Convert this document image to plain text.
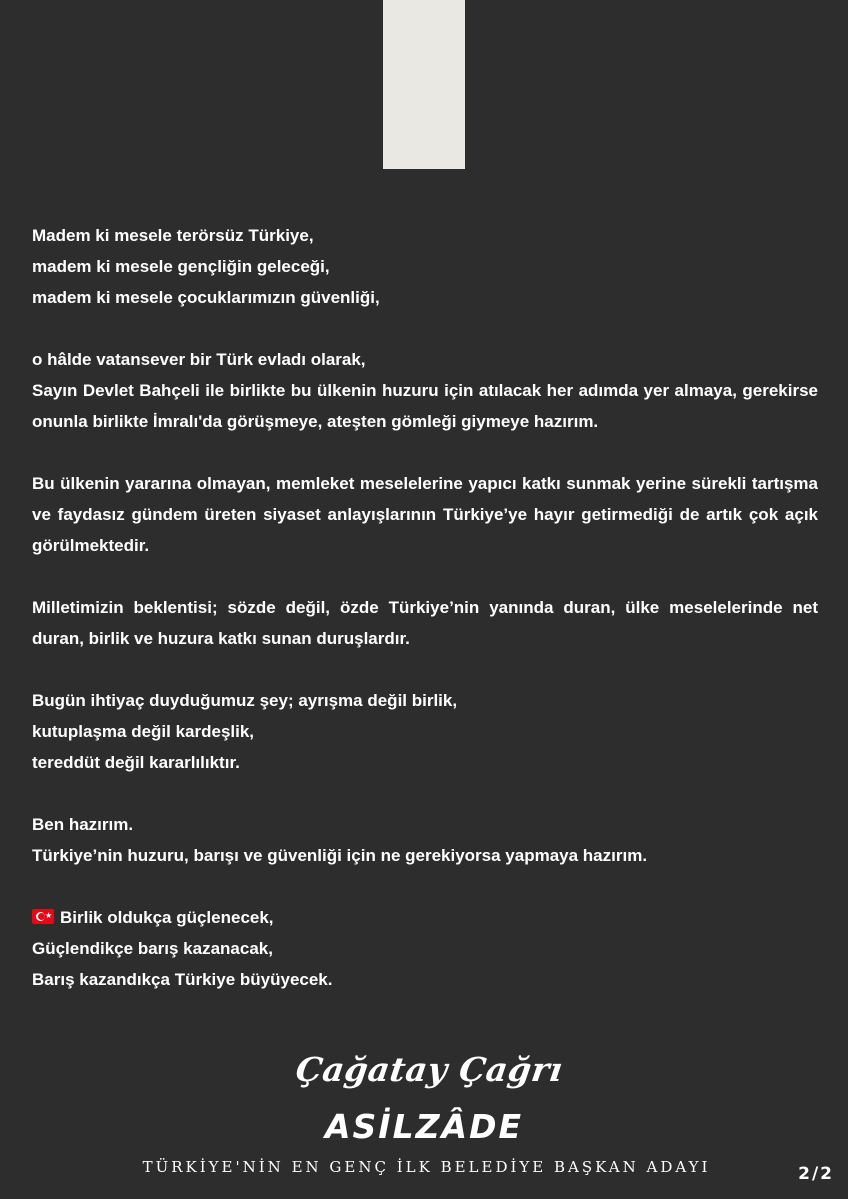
Madem ki mesele terörsüz Türkiye,
madem ki mesele gençliğin geleceği,
madem ki mesele çocuklarımızın güvenliği,
o hâlde vatansever bir Türk evladı olarak,
Sayın Devlet Bahçeli ile birlikte bu ülkenin huzuru için atılacak her adımda yer almaya, gerekirse onunla birlikte İmralı'da görüşmeye, ateşten gömleği giymeye hazırım.
Bu ülkenin yararına olmayan, memleket meselelerine yapıcı katkı sunmak yerine sürekli tartışma ve faydasız gündem üreten siyaset anlayışlarının Türkiye’ye hayır getirmediği de artık çok açık görülmektedir.
Milletimizin beklentisi; sözde değil, özde Türkiye’nin yanında duran, ülke meselelerinde net duran, birlik ve huzura katkı sunan duruşlardır.
Bugün ihtiyaç duyduğumuz şey; ayrışma değil birlik,
kutuplaşma değil kardeşlik,
tereddüt değil kararlılıktır.
Ben hazırım.
Türkiye’nin huzuru, barışı ve güvenliği için ne gerekiyorsa yapmaya hazırım.
★ Birlik oldukça güçlenecek,
Güçlendikçe barış kazanacak,
Barış kazandıkça Türkiye büyüyecek.
Çağatay Çağrı
ASİLZÂDE
TÜRKİYE'NİN EN GENÇ İLK BELEDİYE BAŞKAN ADAYI	2/2
